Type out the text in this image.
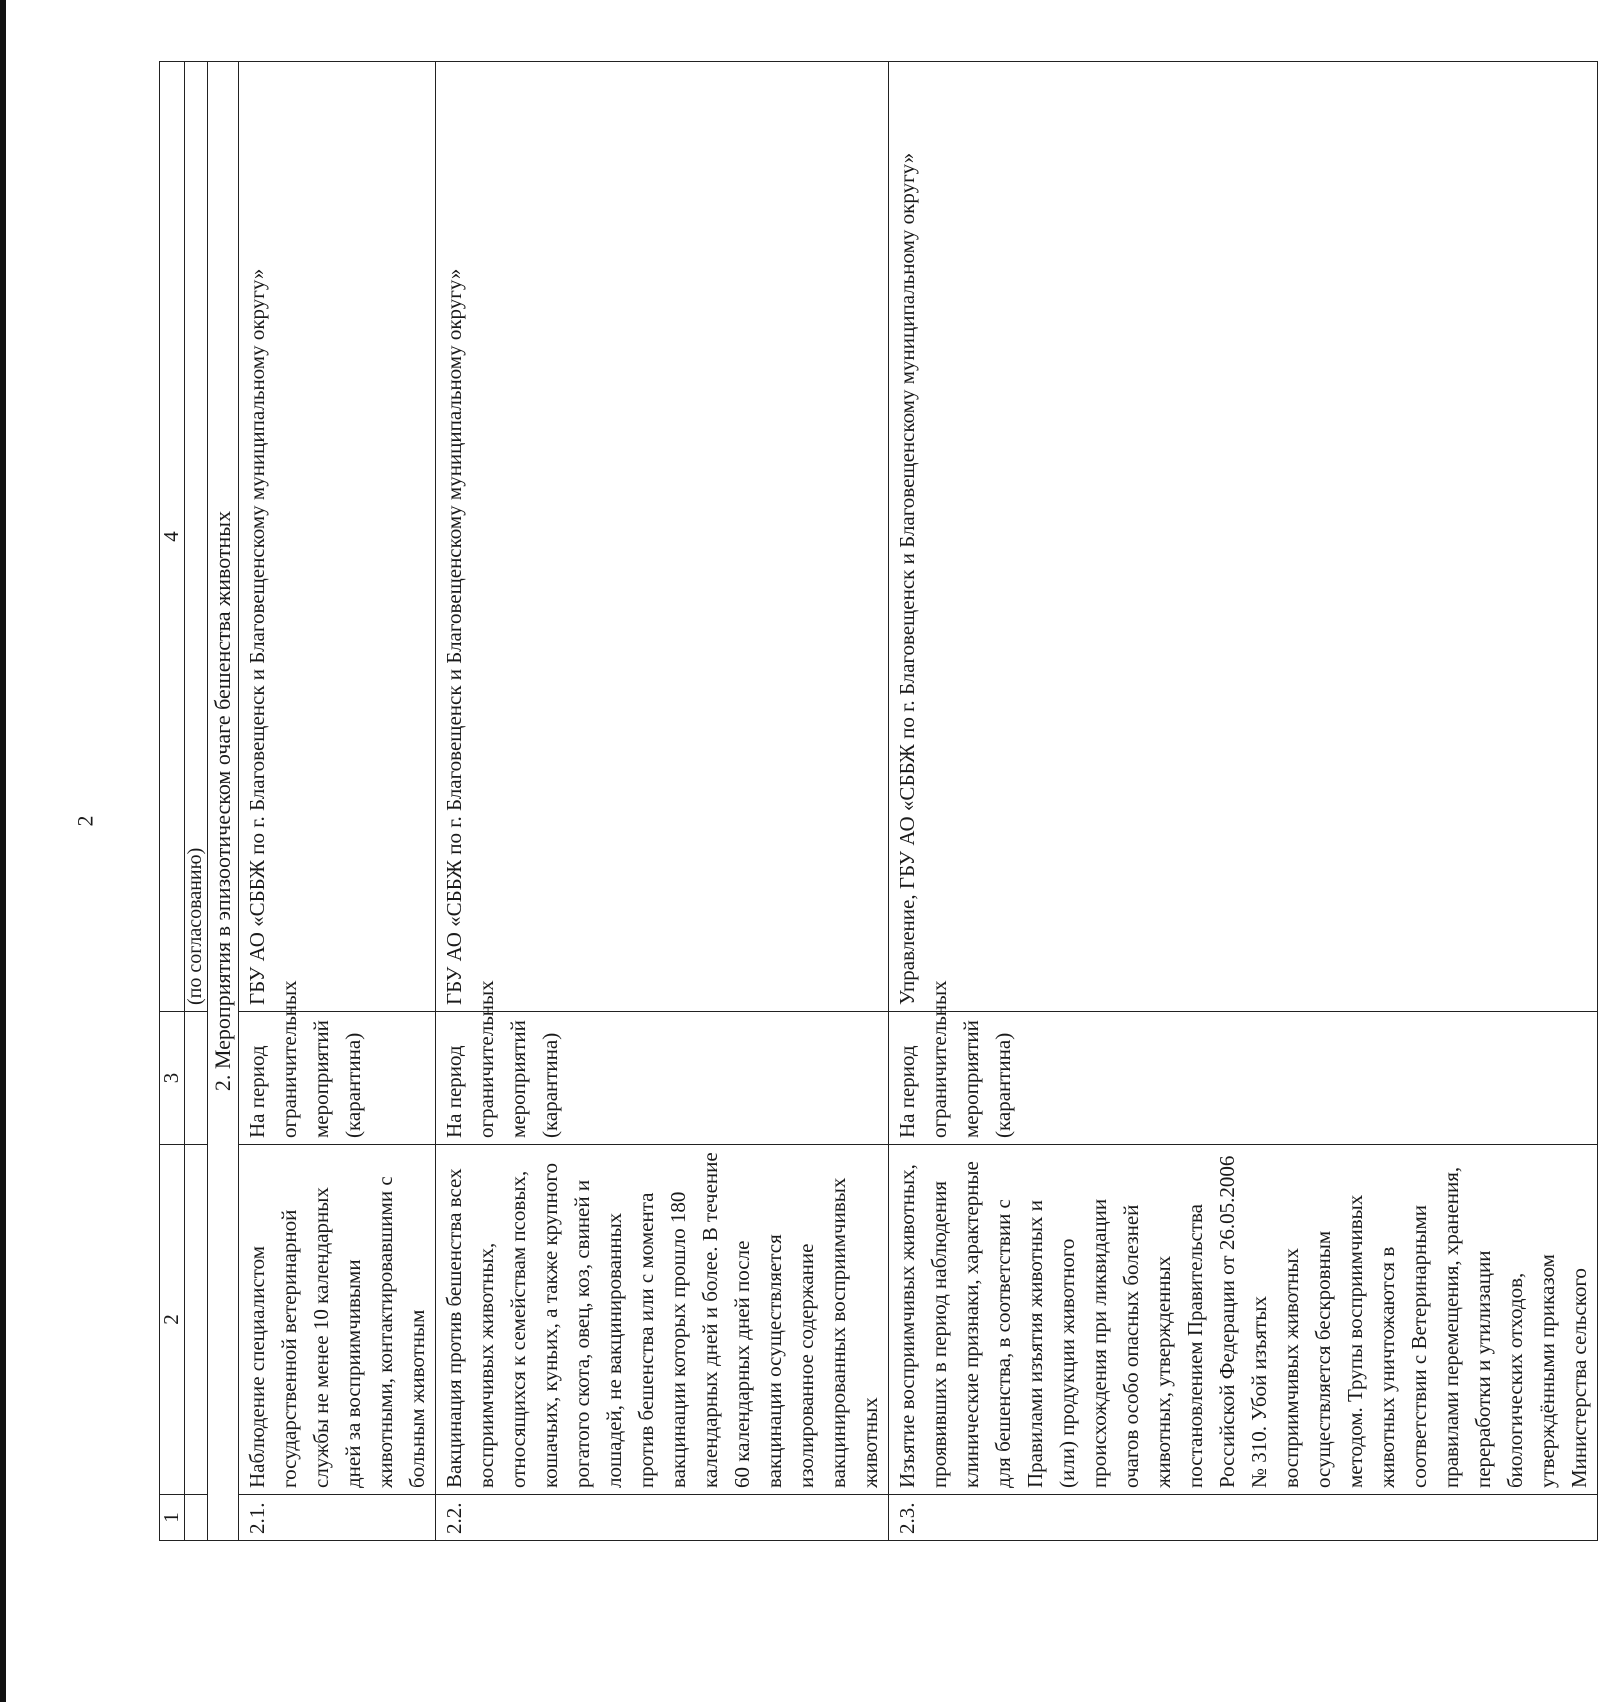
2
1	2	3	4
			(по согласованию)
2. Мероприятия в эпизоотическом очаге бешенства животных			
2.1.	Наблюдение специалистом государственной ветеринарной службы не менее 10 календарных дней за восприимчивыми животными, контактировавшими с больным животным	На период ограничительных мероприятий (карантина)	ГБУ АО «СББЖ по г. Благовещенск и Благовещенскому муниципальному округу»
2.2.	Вакцинация против бешенства всех восприимчивых животных, относящихся к семействам псовых, кошачьих, куньих, а также крупного рогатого скота, овец, коз, свиней и лошадей, не вакцинированных против бешенства или с момента вакцинации которых прошло 180 календарных дней и более. В течение 60 календарных дней после вакцинации осуществляется изолированное содержание вакцинированных восприимчивых животных	На период ограничительных мероприятий (карантина)	ГБУ АО «СББЖ по г. Благовещенск и Благовещенскому муниципальному округу»
2.3.	Изъятие восприимчивых животных, проявивших в период наблюдения клинические признаки, характерные для бешенства, в соответствии с Правилами изъятия животных и (или) продукции животного происхождения при ликвидации очагов особо опасных болезней животных, утвержденных постановлением Правительства Российской Федерации от 26.05.2006 № 310. Убой изъятых восприимчивых животных осуществляется бескровным методом. Трупы восприимчивых животных уничтожаются в соответствии с Ветеринарными правилами перемещения, хранения, переработки и утилизации биологических отходов, утверждёнными приказом Министерства сельского	На период ограничительных мероприятий (карантина)	Управление, ГБУ АО «СББЖ по г. Благовещенск и Благовещенскому муниципальному округу»
